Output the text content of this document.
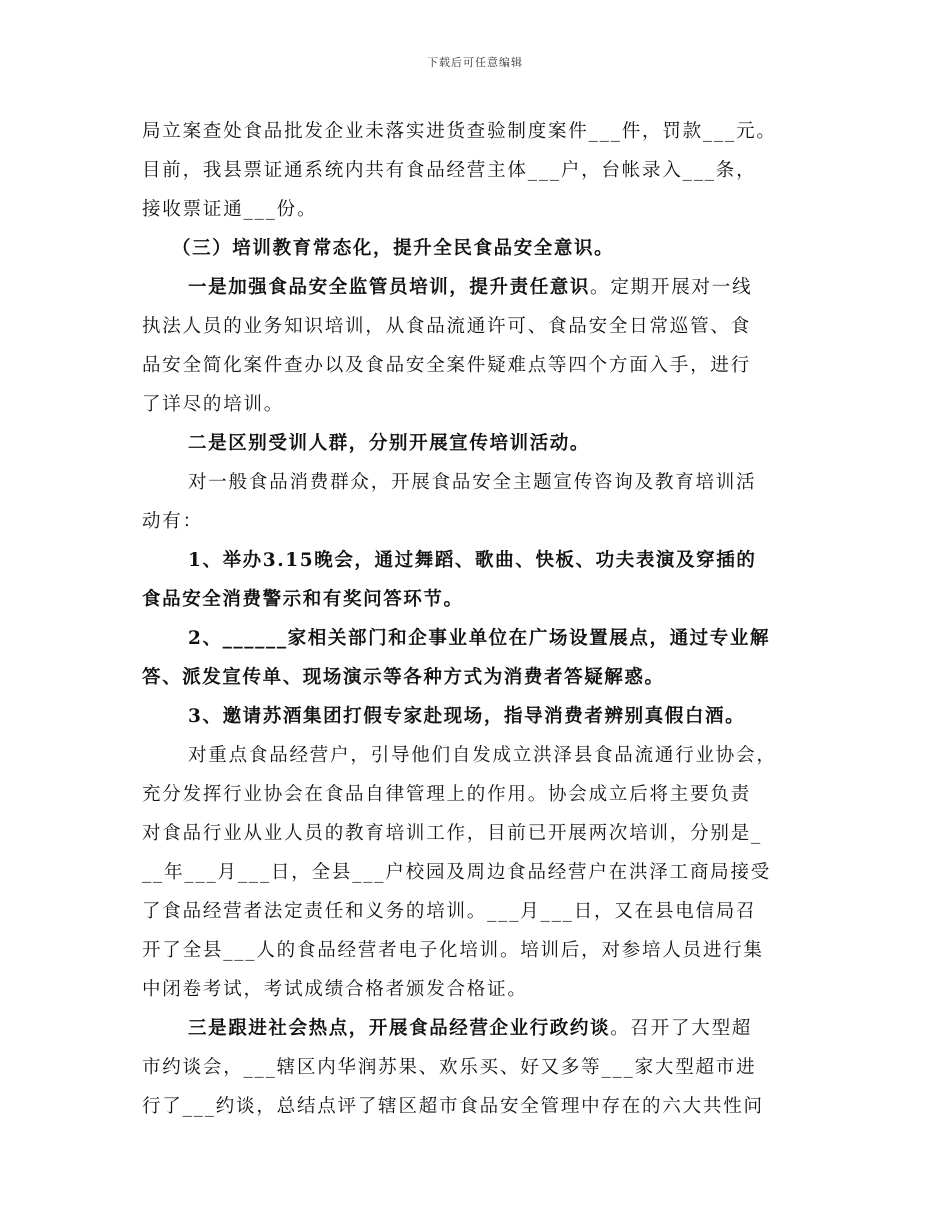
下载后可任意编辑
局立案查处食品批发企业未落实进货查验制度案件___件，罚款___元。
目前，我县票证通系统内共有食品经营主体___户，台帐录入___条，
接收票证通___份。
（三）培训教育常态化，提升全民食品安全意识。
一是加强食品安全监管员培训，提升责任意识。定期开展对一线
执法人员的业务知识培训，从食品流通许可、食品安全日常巡管、食
品安全简化案件查办以及食品安全案件疑难点等四个方面入手，进行
了详尽的培训。
二是区别受训人群，分别开展宣传培训活动。
对一般食品消费群众，开展食品安全主题宣传咨询及教育培训活
动有：
1、举办3.15晚会，通过舞蹈、歌曲、快板、功夫表演及穿插的
食品安全消费警示和有奖问答环节。
2、______家相关部门和企事业单位在广场设置展点，通过专业解
答、派发宣传单、现场演示等各种方式为消费者答疑解惑。
3、邀请苏酒集团打假专家赴现场，指导消费者辨别真假白酒。
对重点食品经营户，引导他们自发成立洪泽县食品流通行业协会，
充分发挥行业协会在食品自律管理上的作用。协会成立后将主要负责
对食品行业从业人员的教育培训工作，目前已开展两次培训，分别是_
__年___月___日，全县___户校园及周边食品经营户在洪泽工商局接受
了食品经营者法定责任和义务的培训。___月___日，又在县电信局召
开了全县___人的食品经营者电子化培训。培训后，对参培人员进行集
中闭卷考试，考试成绩合格者颁发合格证。
三是跟进社会热点，开展食品经营企业行政约谈。召开了大型超
市约谈会，___辖区内华润苏果、欢乐买、好又多等___家大型超市进
行了___约谈，总结点评了辖区超市食品安全管理中存在的六大共性问
